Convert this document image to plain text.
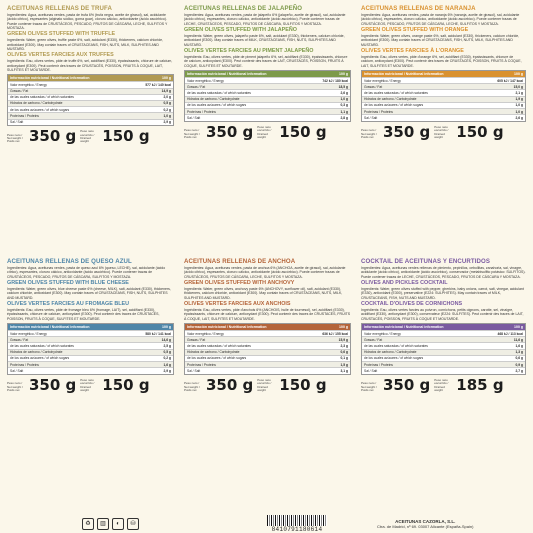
ACEITUNAS RELLENAS DE TRUFA
Ingredientes: Agua, aceitunas verdes, pasta de trufa 6% (trufa negra, aceite de girasol), sal, acidulante (ácido cítrico), espesantes (alginato sódico, goma guar), cloruro cálcico, antioxidante (ácido ascórbico). Puede contener trazas de CRUSTÁCEOS, PESCADO, FRUTOS DE CÁSCARA, LECHE, SULFITOS Y MOSTAZA.
GREEN OLIVES STUFFED WITH TRUFFLE
Ingredients: Water, green olives, truffle paste 6%, salt, acidulant (E330), thickeners, calcium chloride, antioxidant (E300). May contain traces of CRUSTACEANS, FISH, NUTS, MILK, SULPHITES AND MUSTARD.
OLIVES VERTES FARCIES AUX TRUFFES
Ingrédients: Eau, olives vertes, pâte de truffe 6%, sel, acidifiant (E330), épaississants, chlorure de calcium, antioxydant (E300). Peut contenir des traces de CRUSTACÉS, POISSON, FRUITS À COQUE, LAIT, SULFITES ET MOUTARDE.
Información nutricional / Nutritional information	100 g
Valor energético / Energy	577 kJ / 140 kcal
Grasas / Fat	14,9 g
de las cuales saturadas / of which saturates	2,0 g
Hidratos de carbono / Carbohydrate	0,5 g
de los cuales azúcares / of which sugars	0,2 g
Proteínas / Proteins	1,0 g
Sal / Salt	2,9 g
Peso neto / Net weight / Poids net 350 g Peso neto escurrido / Drained weight 150 g
ACEITUNAS RELLENAS DE JALAPEÑO
Ingredientes: Agua, aceitunas verdes, pasta de jalapeño 6% (jalapeño, aceite de girasol), sal, acidulante (ácido cítrico), espesantes, cloruro cálcico, antioxidante (ácido ascórbico). Puede contener trazas de LECHE, CRUSTÁCEOS, PESCADO, FRUTOS DE CÁSCARA, SULFITOS Y MOSTAZA.
GREEN OLIVES STUFFED WITH JALAPEÑO
Ingredients: Water, green olives, jalapeño paste 6%, salt, acidulant (E330), thickeners, calcium chloride, antioxidant (E300). May contain traces of MILK, CRUSTACEANS, FISH, NUTS, SULPHITES AND MUSTARD.
OLIVES VERTES FARCIES AU PIMENT JALAPEÑO
Ingrédients: Eau, olives vertes, pâte de piment jalapeño 6%, sel, acidifiant (E330), épaississants, chlorure de calcium, antioxydant (E300). Peut contenir des traces de LAIT, CRUSTACÉS, POISSON, FRUITS À COQUE, SULFITES ET MOUTARDE.
Información nutricional / Nutritional information	100 g
Valor energético / Energy	742 kJ / 180 kcal
Grasas / Fat	18,5 g
de las cuales saturadas / of which saturates	2,6 g
Hidratos de carbono / Carbohydrate	1,0 g
de los cuales azúcares / of which sugars	0,3 g
Proteínas / Proteins	1,1 g
Sal / Salt	2,8 g
Peso neto / Net weight / Poids net 350 g Peso neto escurrido / Drained weight 150 g
ACEITUNAS RELLENAS DE NARANJA
Ingredientes: Agua, aceitunas verdes, pasta de naranja 6% (naranja, aceite de girasol), sal, acidulante (ácido cítrico), espesantes, cloruro cálcico, antioxidante (ácido ascórbico). Puede contener trazas de CRUSTÁCEOS, PESCADO, FRUTOS DE CÁSCARA, LECHE, SULFITOS Y MOSTAZA.
GREEN OLIVES STUFFED WITH ORANGE
Ingredients: Water, green olives, orange paste 6%, salt, acidulant (E330), thickeners, calcium chloride, antioxidant (E300). May contain traces of CRUSTACEANS, FISH, NUTS, MILK, SULPHITES AND MUSTARD.
OLIVES VERTES FARCIES À L'ORANGE
Ingrédients: Eau, olives vertes, pâte d'orange 6%, sel, acidifiant (E330), épaississants, chlorure de calcium, antioxydant (E300). Peut contenir des traces de CRUSTACÉS, POISSON, FRUITS À COQUE, LAIT, SULFITES ET MOUTARDE.
Información nutricional / Nutritional information	100 g
Valor energético / Energy	605 kJ / 147 kcal
Grasas / Fat	15,0 g
de las cuales saturadas / of which saturates	2,1 g
Hidratos de carbono / Carbohydrate	1,9 g
de los cuales azúcares / of which sugars	1,0 g
Proteínas / Proteins	1,0 g
Sal / Salt	2,6 g
Peso neto / Net weight / Poids net 350 g Peso neto escurrido / Drained weight 150 g
ACEITUNAS RELLENAS DE QUESO AZUL
Ingredientes: Agua, aceitunas verdes, pasta de queso azul 6% (queso, LECHE), sal, acidulante (ácido cítrico), espesantes, cloruro cálcico, antioxidante (ácido ascórbico). Puede contener trazas de CRUSTÁCEOS, PESCADO, FRUTOS DE CÁSCARA, SULFITOS Y MOSTAZA.
GREEN OLIVES STUFFED WITH BLUE CHEESE
Ingredients: Water, green olives, blue cheese paste 6% (cheese, MILK), salt, acidulant (E330), thickeners, calcium chloride, antioxidant (E300). May contain traces of CRUSTACEANS, FISH, NUTS, SULPHITES AND MUSTARD.
OLIVES VERTES FARCIES AU FROMAGE BLEU
Ingrédients: Eau, olives vertes, pâte de fromage bleu 6% (fromage, LAIT), sel, acidifiant (E330), épaississants, chlorure de calcium, antioxydant (E300). Peut contenir des traces de CRUSTACÉS, POISSON, FRUITS À COQUE, SULFITES ET MOUTARDE.
Información nutricional / Nutritional information	100 g
Valor energético / Energy	580 kJ / 141 kcal
Grasas / Fat	14,6 g
de las cuales saturadas / of which saturates	2,5 g
Hidratos de carbono / Carbohydrate	0,5 g
de los cuales azúcares / of which sugars	0,2 g
Proteínas / Proteins	1,6 g
Sal / Salt	2,9 g
Peso neto / Net weight / Poids net 350 g Peso neto escurrido / Drained weight 150 g
ACEITUNAS RELLENAS DE ANCHOA
Ingredientes: Agua, aceitunas verdes, pasta de anchoa 6% (ANCHOA, aceite de girasol), sal, acidulante (ácido cítrico), espesantes, cloruro cálcico, antioxidante (ácido ascórbico). Puede contener trazas de CRUSTÁCEOS, FRUTOS DE CÁSCARA, LECHE, SULFITOS Y MOSTAZA.
GREEN OLIVES STUFFED WITH ANCHOVY
Ingredients: Water, green olives, anchovy paste 6% (ANCHOVY, sunflower oil), salt, acidulant (E330), thickeners, calcium chloride, antioxidant (E300). May contain traces of CRUSTACEANS, NUTS, MILK, SULPHITES AND MUSTARD.
OLIVES VERTES FARCIES AUX ANCHOIS
Ingrédients: Eau, olives vertes, pâte d'anchois 6% (ANCHOIS, huile de tournesol), sel, acidifiant (E330), épaississants, chlorure de calcium, antioxydant (E300). Peut contenir des traces de CRUSTACÉS, FRUITS À COQUE, LAIT, SULFITES ET MOUTARDE.
Información nutricional / Nutritional information	100 g
Valor energético / Energy	636 kJ / 155 kcal
Grasas / Fat	15,9 g
de las cuales saturadas / of which saturates	2,3 g
Hidratos de carbono / Carbohydrate	0,6 g
de los cuales azúcares / of which sugars	0,1 g
Proteínas / Proteins	1,5 g
Sal / Salt	3,1 g
Peso neto / Net weight / Poids net 350 g Peso neto escurrido / Drained weight 150 g
COCKTAIL DE ACEITUNAS Y ENCURTIDOS
Ingredientes: Agua, aceitunas verdes rellenas de pimiento, pepinillos, cebollitas, zanahoria, sal, vinagre, acidulante (ácido cítrico), antioxidante (ácido ascórbico), conservador (metabisulfito potásico: SULFITOS). Puede contener trazas de LECHE, CRUSTÁCEOS, PESCADO, FRUTOS DE CÁSCARA Y MOSTAZA.
OLIVES AND PICKLES COCKTAIL
Ingredients: Water, green olives stuffed with pepper, gherkins, baby onions, carrot, salt, vinegar, acidulant (E330), antioxidant (E300), preservative (E224: SULPHITES). May contain traces of MILK, CRUSTACEANS, FISH, NUTS AND MUSTARD.
COCKTAIL D'OLIVES DE CORNICHONS
Ingrédients: Eau, olives vertes farcies au poivron, cornichons, petits oignons, carotte, sel, vinaigre, acidifiant (E330), antioxydant (E300), conservateur (E224: SULFITES). Peut contenir des traces de LAIT, CRUSTACÉS, POISSON, FRUITS À COQUE ET MOUTARDE.
Información nutricional / Nutritional information	100 g
Valor energético / Energy	468 kJ / 113 kcal
Grasas / Fat	11,6 g
de las cuales saturadas / of which saturates	1,6 g
Hidratos de carbono / Carbohydrate	1,3 g
de los cuales azúcares / of which sugars	0,6 g
Proteínas / Proteins	0,9 g
Sal / Salt	2,7 g
Peso neto / Net weight / Poids net 350 g Peso neto escurrido / Drained weight 185 g
♻	▥	◐	⛁
8410791180614
ACEITUNAS CAZORLA, S.L.
Ctra. de Madrid, nº 69. 03007 Alicante (España-Spain)
